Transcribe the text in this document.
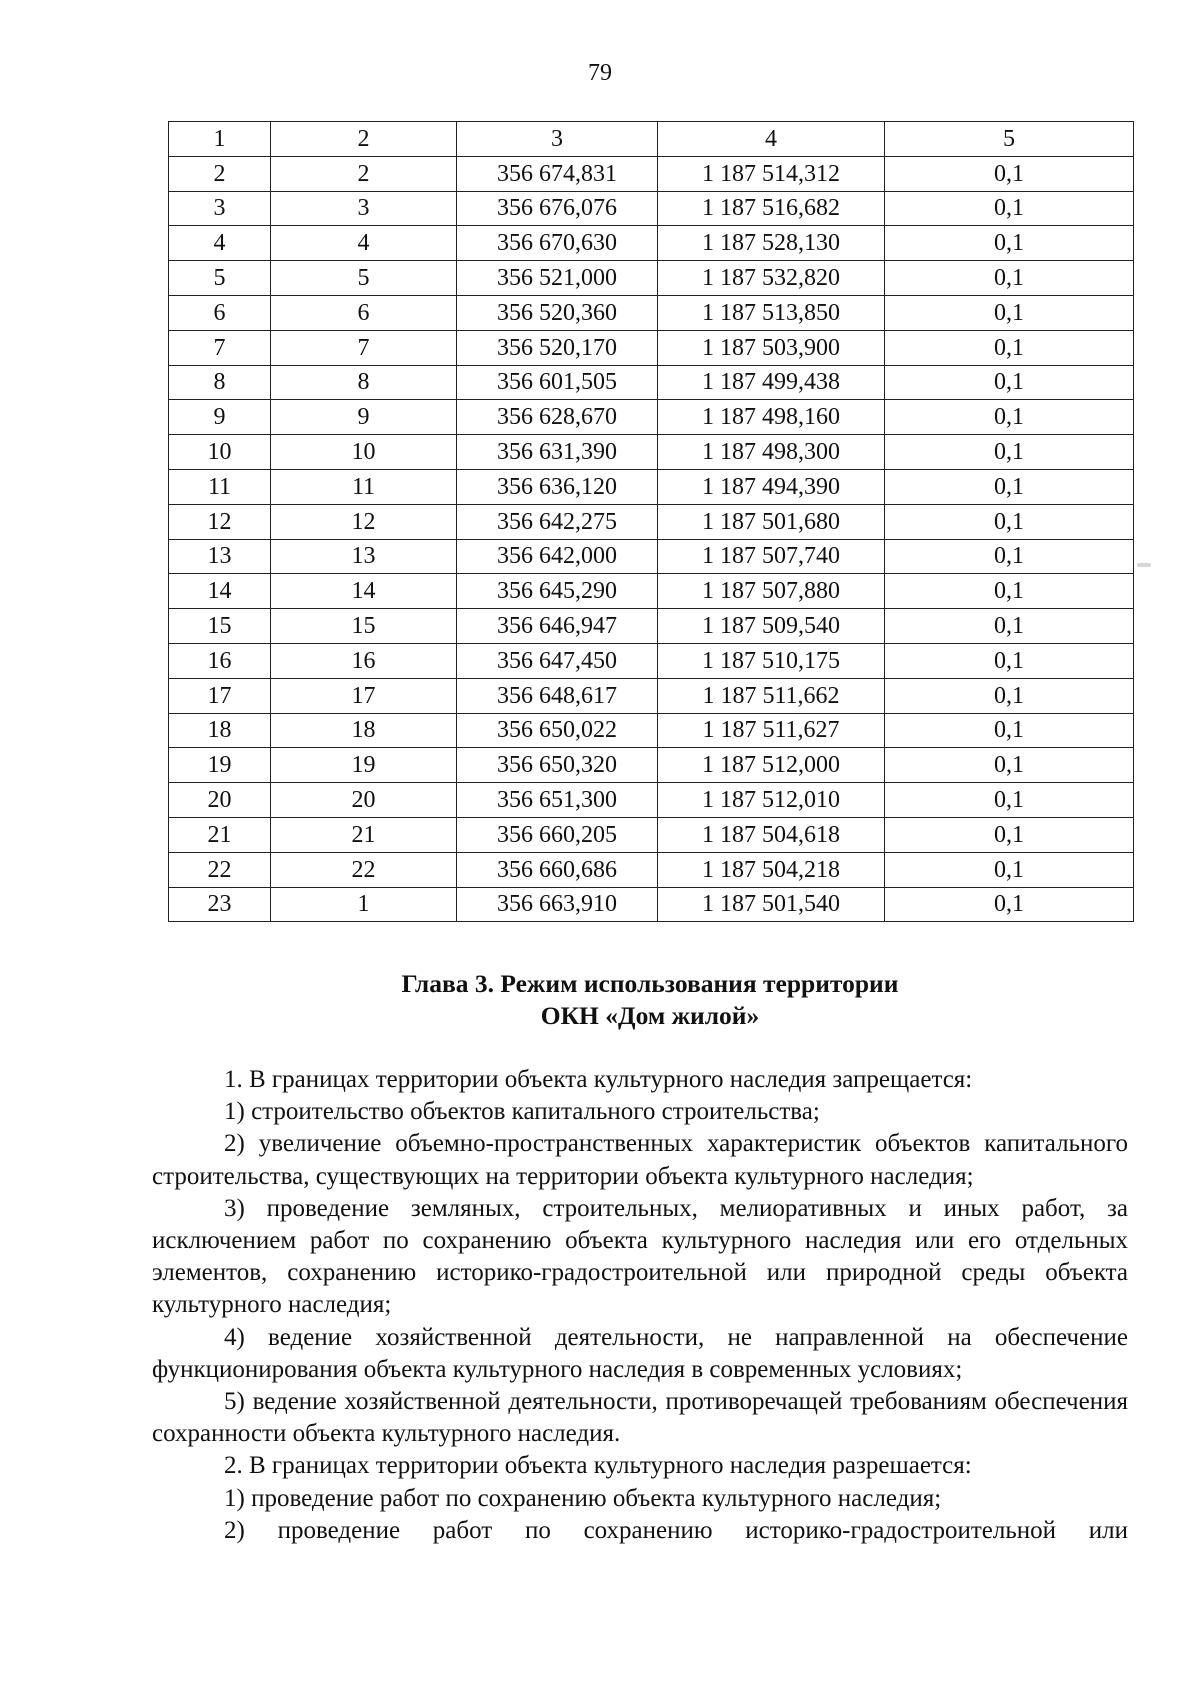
79
1	2	3	4	5
2	2	356 674,831	1 187 514,312	0,1
3	3	356 676,076	1 187 516,682	0,1
4	4	356 670,630	1 187 528,130	0,1
5	5	356 521,000	1 187 532,820	0,1
6	6	356 520,360	1 187 513,850	0,1
7	7	356 520,170	1 187 503,900	0,1
8	8	356 601,505	1 187 499,438	0,1
9	9	356 628,670	1 187 498,160	0,1
10	10	356 631,390	1 187 498,300	0,1
11	11	356 636,120	1 187 494,390	0,1
12	12	356 642,275	1 187 501,680	0,1
13	13	356 642,000	1 187 507,740	0,1
14	14	356 645,290	1 187 507,880	0,1
15	15	356 646,947	1 187 509,540	0,1
16	16	356 647,450	1 187 510,175	0,1
17	17	356 648,617	1 187 511,662	0,1
18	18	356 650,022	1 187 511,627	0,1
19	19	356 650,320	1 187 512,000	0,1
20	20	356 651,300	1 187 512,010	0,1
21	21	356 660,205	1 187 504,618	0,1
22	22	356 660,686	1 187 504,218	0,1
23	1	356 663,910	1 187 501,540	0,1
Глава 3. Режим использования территории
ОКН «Дом жилой»

1. В границах территории объекта культурного наследия запрещается:

1) строительство объектов капитального строительства;

2) увеличение объемно-пространственных характеристик объектов капитального строительства, существующих на территории объекта культурного наследия;

3) проведение земляных, строительных, мелиоративных и иных работ, за исключением работ по сохранению объекта культурного наследия или его отдельных элементов, сохранению историко-градостроительной или природной среды объекта культурного наследия;

4) ведение хозяйственной деятельности, не направленной на обеспечение функционирования объекта культурного наследия в современных условиях;

5) ведение хозяйственной деятельности, противоречащей требованиям обеспечения сохранности объекта культурного наследия.

2. В границах территории объекта культурного наследия разрешается:

1) проведение работ по сохранению объекта культурного наследия;

2) проведение работ по сохранению историко-градостроительной или
